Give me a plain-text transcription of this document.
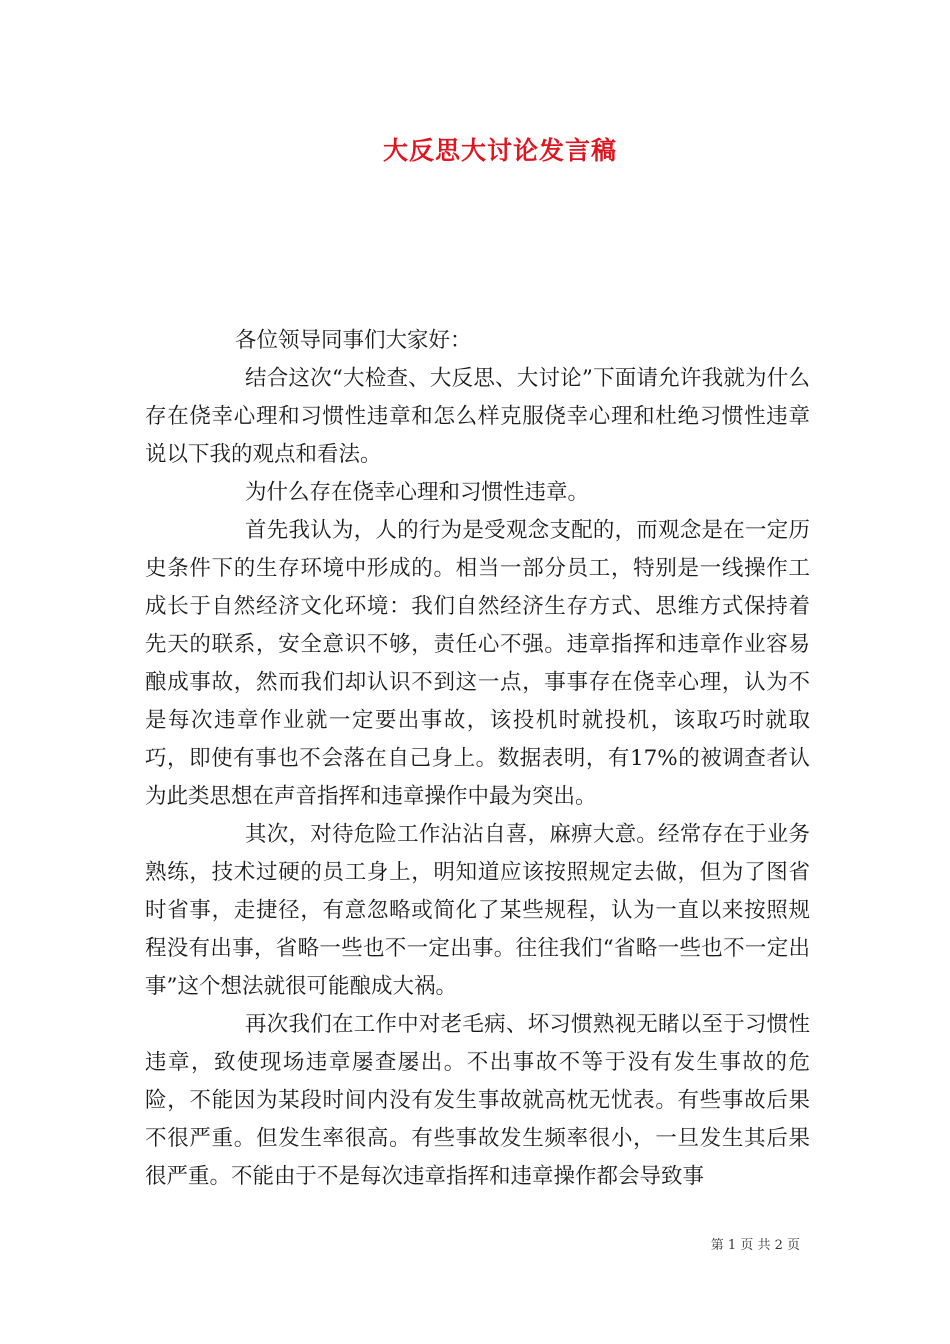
大反思大讨论发言稿

各位领导同事们大家好：

结合这次“大检查、大反思、大讨论”下面请允许我就为什么存在侥幸心理和习惯性违章和怎么样克服侥幸心理和杜绝习惯性违章说以下我的观点和看法。

为什么存在侥幸心理和习惯性违章。

首先我认为，人的行为是受观念支配的，而观念是在一定历史条件下的生存环境中形成的。相当一部分员工，特别是一线操作工成长于自然经济文化环境：我们自然经济生存方式、思维方式保持着先天的联系，安全意识不够，责任心不强。违章指挥和违章作业容易酿成事故，然而我们却认识不到这一点，事事存在侥幸心理，认为不是每次违章作业就一定要出事故，该投机时就投机，该取巧时就取巧，即使有事也不会落在自己身上。数据表明，有17%的被调查者认为此类思想在声音指挥和违章操作中最为突出。

其次，对待危险工作沾沾自喜，麻痹大意。经常存在于业务熟练，技术过硬的员工身上，明知道应该按照规定去做，但为了图省时省事，走捷径，有意忽略或简化了某些规程，认为一直以来按照规程没有出事，省略一些也不一定出事。往往我们“省略一些也不一定出事”这个想法就很可能酿成大祸。

再次我们在工作中对老毛病、坏习惯熟视无睹以至于习惯性违章，致使现场违章屡查屡出。不出事故不等于没有发生事故的危险，不能因为某段时间内没有发生事故就高枕无忧表。有些事故后果不很严重。但发生率很高。有些事故发生频率很小，一旦发生其后果很严重。不能由于不是每次违章指挥和违章操作都会导致事

第 1 页 共 2 页
